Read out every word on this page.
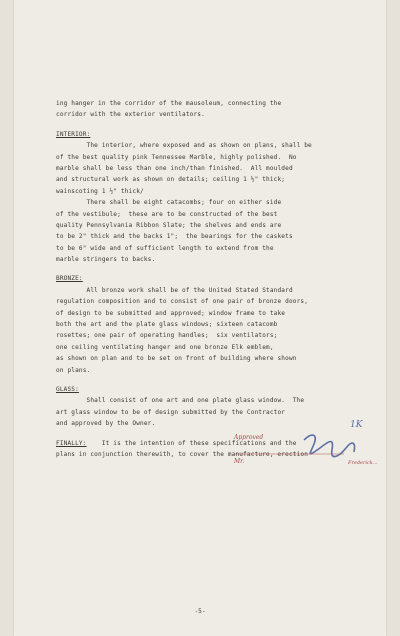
ing hanger in the corridor of the mausoleum, connecting the
corridor with the exterior ventilators.
INTERIOR:
The interior, where exposed and as shown on plans, shall be
of the best quality pink Tennessee Marble, highly polished.  No
marble shall be less than one inch/than finished.  All moulded
and structural work as shown on details; ceiling 1 ½" thick;
wainscoting 1 ½" thick/
There shall be eight catacombs; four on either side
of the vestibule;  these are to be constructed of the best
quality Pennsylvania Ribbon Slate; the shelves and ends are
to be 2" thick and the backs 1";  the bearings for the caskets
to be 6" wide and of sufficient length to extend from the
marble stringers to backs.
BRONZE:
All bronze work shall be of the United Stated Standard
regulation composition and to consist of one pair of bronze doors,
of design to be submitted and approved; window frame to take
both the art and the plate glass windows; sixteen catacomb
rosettes; one pair of operating handles;  six ventilators;
one ceiling ventilating hanger and one bronze Elk emblem,
as shown on plan and to be set on front of building where shown
on plans.
GLASS:
Shall consist of one art and one plate glass window.  The
art glass window to be of design submitted by the Contractor
and approved by the Owner.
FINALLY:    It is the intention of these specifications and the
plans in conjunction therewith, to cover the manufacture, erection
Approved
Mr.	Frederick...
1K
-5-
